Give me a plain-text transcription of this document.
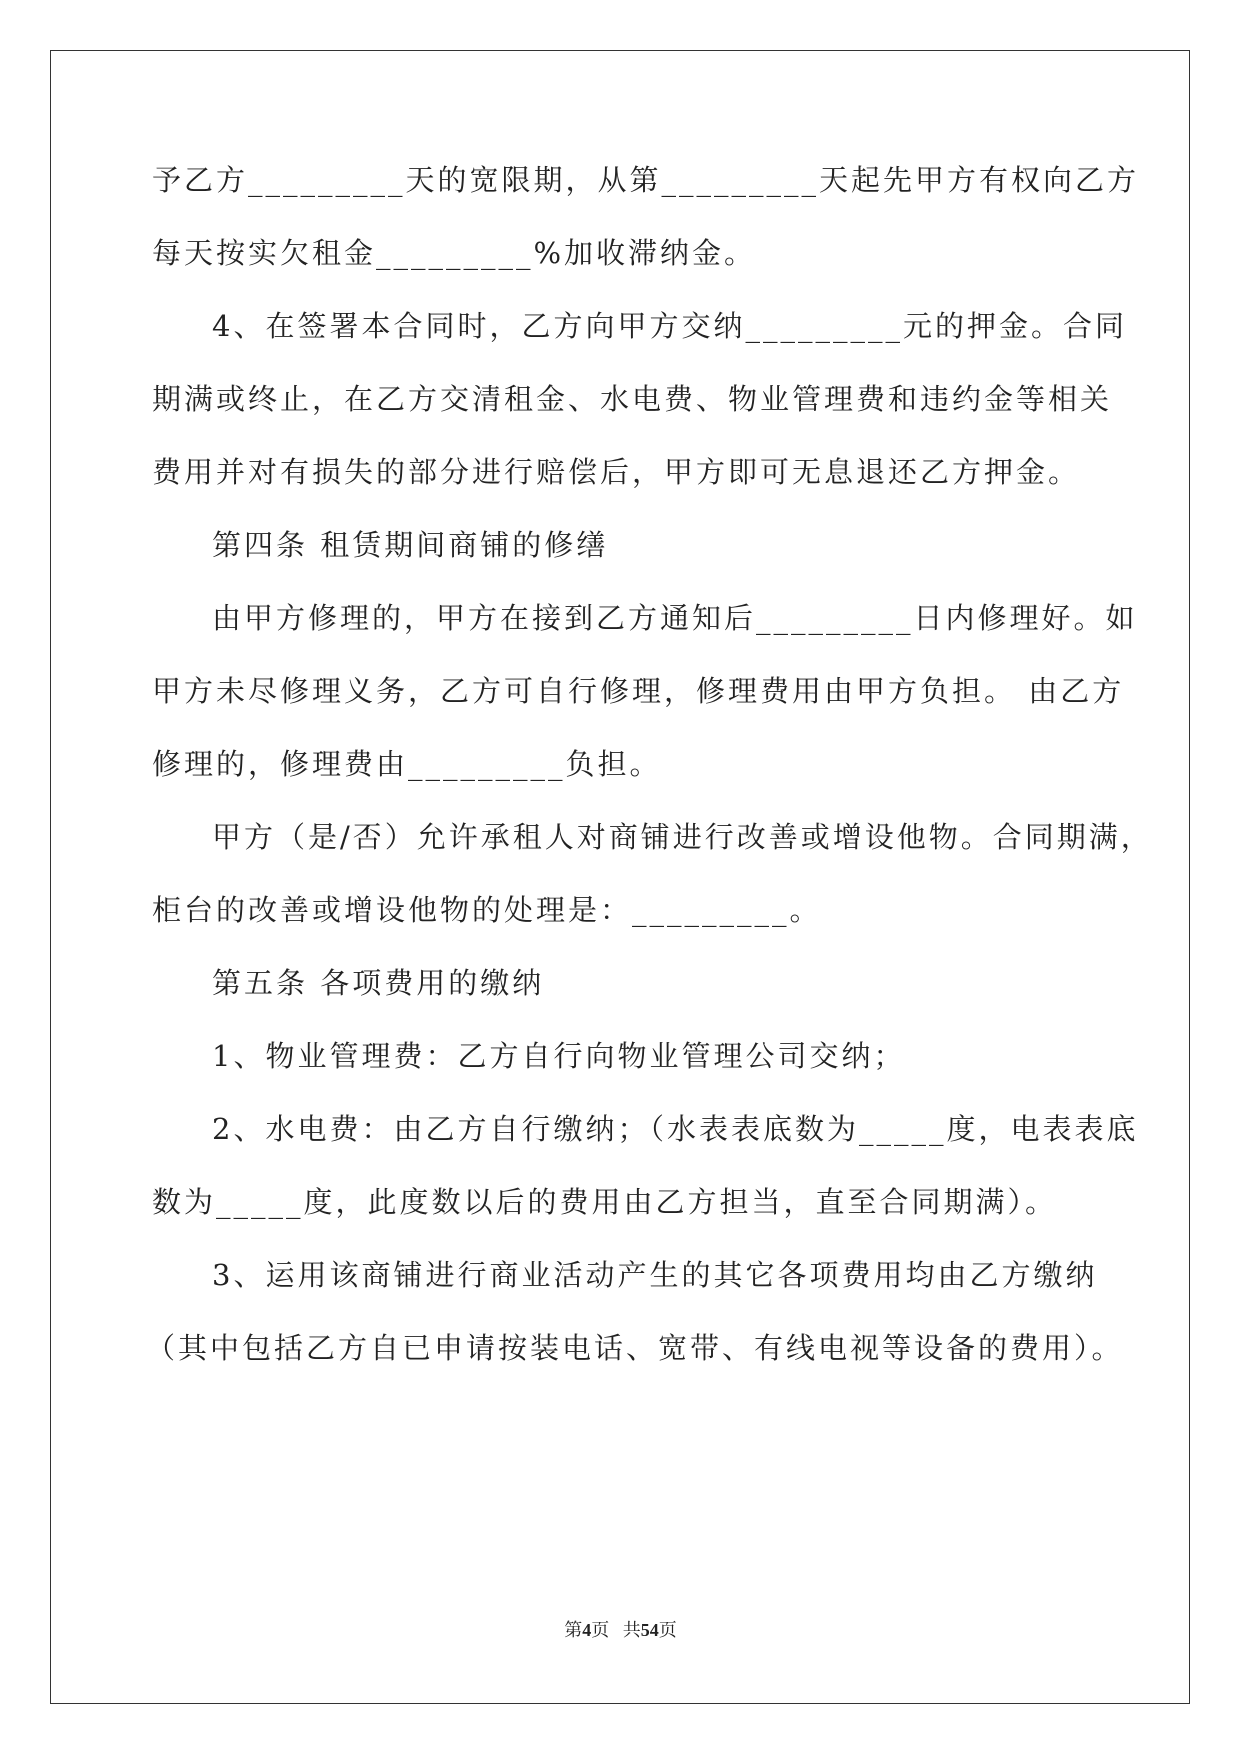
予乙方_________天的宽限期，从第_________天起先甲方有权向乙方
每天按实欠租金_________%加收滞纳金。
4、在签署本合同时，乙方向甲方交纳_________元的押金。合同
期满或终止，在乙方交清租金、水电费、物业管理费和违约金等相关
费用并对有损失的部分进行赔偿后，甲方即可无息退还乙方押金。
第四条 租赁期间商铺的修缮
由甲方修理的，甲方在接到乙方通知后_________日内修理好。如
甲方未尽修理义务，乙方可自行修理，修理费用由甲方负担。 由乙方
修理的，修理费由_________负担。
甲方（是/否）允许承租人对商铺进行改善或增设他物。合同期满，
柜台的改善或增设他物的处理是：_________。
第五条 各项费用的缴纳
1、物业管理费：乙方自行向物业管理公司交纳；
2、水电费：由乙方自行缴纳；（水表表底数为_____度，电表表底
数为_____度，此度数以后的费用由乙方担当，直至合同期满）。
3、运用该商铺进行商业活动产生的其它各项费用均由乙方缴纳
（其中包括乙方自已申请按装电话、宽带、有线电视等设备的费用）。
第4页 共54页
